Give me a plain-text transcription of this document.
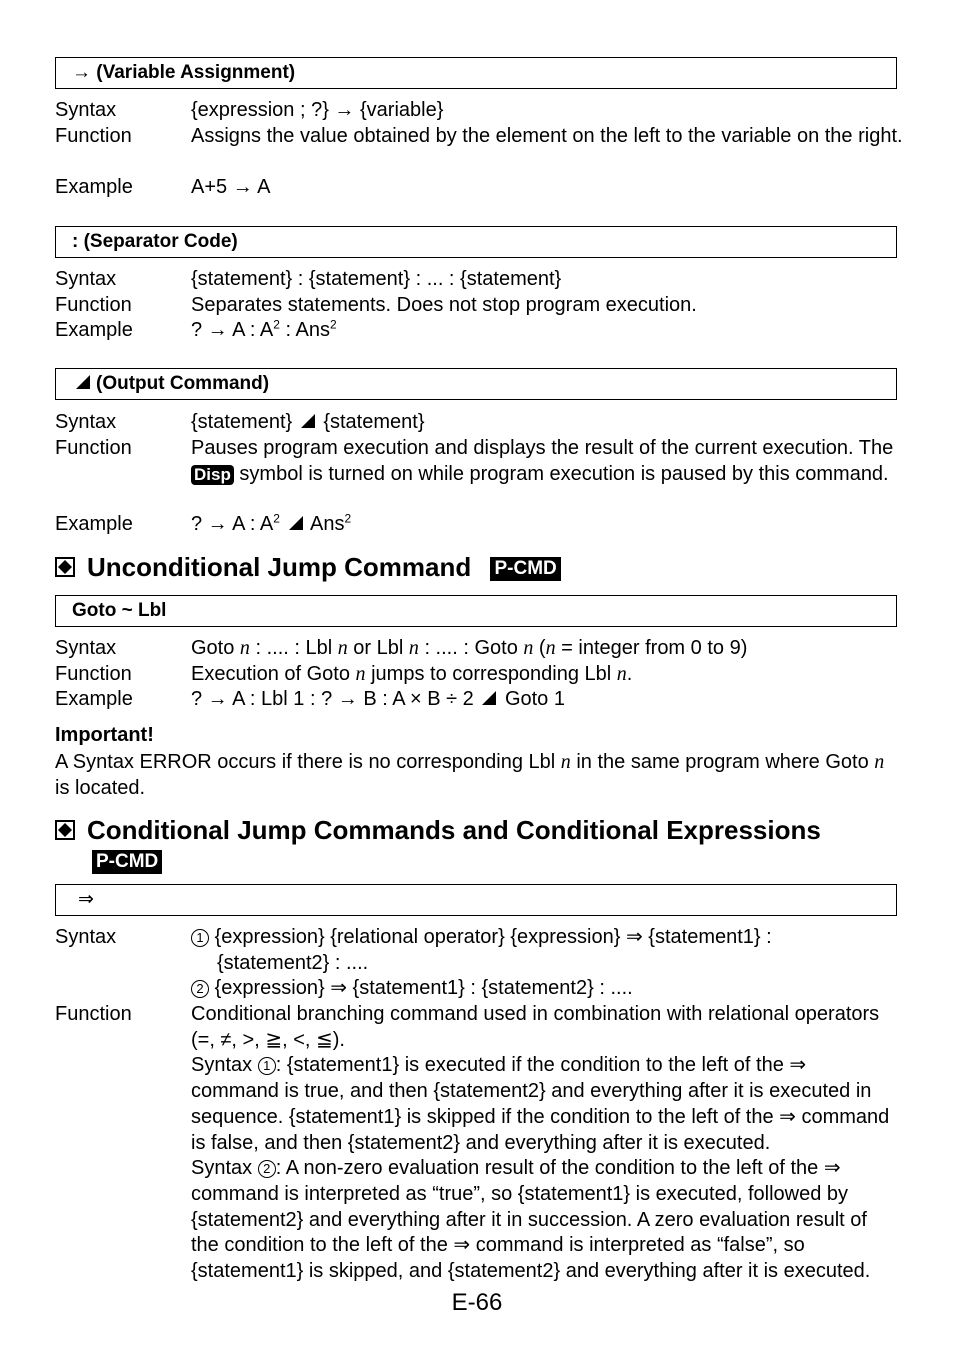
→ (Variable Assignment)
Syntax	{expression ; ?} → {variable}
Function	Assigns the value obtained by the element on the left to the variable on the right.
Example	A+5 → A
: (Separator Code)
Syntax	{statement} : {statement} : ... : {statement}
Function	Separates statements. Does not stop program execution.
Example	? → A : $A^2$ : Ans$^2$
(Output Command)
Syntax	{statement} {statement}
Function	Pauses program execution and displays the result of the current execution. The Disp symbol is turned on while program execution is paused by this command.
Example	? → A : $A^2$ Ans$^2$
Unconditional Jump Command P-CMD
Goto ~ Lbl
Syntax	Goto n : .... : Lbl n or Lbl n : .... : Goto n (n = integer from 0 to 9)
Function	Execution of Goto n jumps to corresponding Lbl n.
Example	? → A : Lbl 1 : ? → B : A × B ÷ 2 Goto 1
Important!
A Syntax ERROR occurs if there is no corresponding Lbl n in the same program where Goto n is located.
Conditional Jump Commands and Conditional Expressions
P-CMD
⇒
Syntax	1 {expression} {relational operator} {expression} ⇒ {statement1} :
{statement2} : ....
2 {expression} ⇒ {statement1} : {statement2} : ....
Function	Conditional branching command used in combination with relational operators (=, ≠, >, ≧, <, ≦).
Syntax 1 : {statement1} is executed if the condition to the left of the ⇒ command is true, and then {statement2} and everything after it is executed in sequence. {statement1} is skipped if the condition to the left of the ⇒ command is false, and then {statement2} and everything after it is executed.
Syntax 2 : A non-zero evaluation result of the condition to the left of the ⇒ command is interpreted as “true”, so {statement1} is executed, followed by {statement2} and everything after it in succession. A zero evaluation result of the condition to the left of the ⇒ command is interpreted as “false”, so {statement1} is skipped, and {statement2} and everything after it is executed.
E-66
